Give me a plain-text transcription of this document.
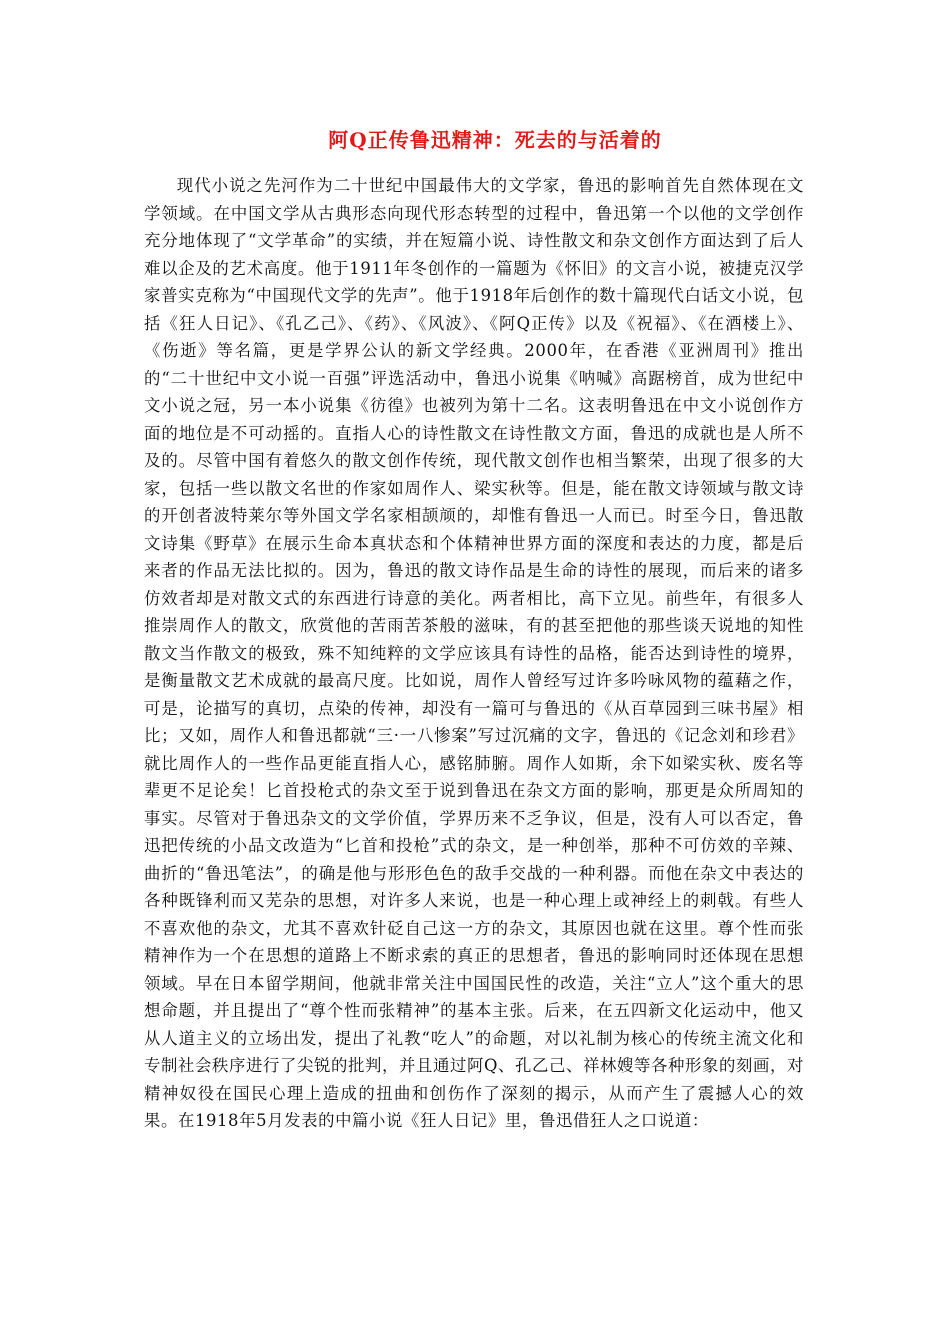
阿Q正传鲁迅精神：死去的与活着的

现代小说之先河作为二十世纪中国最伟大的文学家，鲁迅的影响首先自然体现在文学领域。在中国文学从古典形态向现代形态转型的过程中，鲁迅第一个以他的文学创作充分地体现了“文学革命”的实绩，并在短篇小说、诗性散文和杂文创作方面达到了后人难以企及的艺术高度。他于1911年冬创作的一篇题为《怀旧》的文言小说，被捷克汉学家普实克称为“中国现代文学的先声”。他于1918年后创作的数十篇现代白话文小说，包括《狂人日记》、《孔乙己》、《药》、《风波》、《阿Q正传》以及《祝福》、《在酒楼上》、《伤逝》等名篇，更是学界公认的新文学经典。2000年，在香港《亚洲周刊》推出的“二十世纪中文小说一百强”评选活动中，鲁迅小说集《呐喊》高踞榜首，成为世纪中文小说之冠，另一本小说集《彷徨》也被列为第十二名。这表明鲁迅在中文小说创作方面的地位是不可动摇的。直指人心的诗性散文在诗性散文方面，鲁迅的成就也是人所不及的。尽管中国有着悠久的散文创作传统，现代散文创作也相当繁荣，出现了很多的大家，包括一些以散文名世的作家如周作人、梁实秋等。但是，能在散文诗领域与散文诗的开创者波特莱尔等外国文学名家相颉颃的，却惟有鲁迅一人而已。时至今日，鲁迅散文诗集《野草》在展示生命本真状态和个体精神世界方面的深度和表达的力度，都是后来者的作品无法比拟的。因为，鲁迅的散文诗作品是生命的诗性的展现，而后来的诸多仿效者却是对散文式的东西进行诗意的美化。两者相比，高下立见。前些年，有很多人推崇周作人的散文，欣赏他的苦雨苦茶般的滋味，有的甚至把他的那些谈天说地的知性散文当作散文的极致，殊不知纯粹的文学应该具有诗性的品格，能否达到诗性的境界，是衡量散文艺术成就的最高尺度。比如说，周作人曾经写过许多吟咏风物的蕴藉之作，可是，论描写的真切，点染的传神，却没有一篇可与鲁迅的《从百草园到三味书屋》相比；又如，周作人和鲁迅都就“三·一八惨案”写过沉痛的文字，鲁迅的《记念刘和珍君》就比周作人的一些作品更能直指人心，感铭肺腑。周作人如斯，余下如梁实秋、废名等辈更不足论矣！匕首投枪式的杂文至于说到鲁迅在杂文方面的影响，那更是众所周知的事实。尽管对于鲁迅杂文的文学价值，学界历来不乏争议，但是，没有人可以否定，鲁迅把传统的小品文改造为“匕首和投枪”式的杂文，是一种创举，那种不可仿效的辛辣、曲折的“鲁迅笔法”，的确是他与形形色色的敌手交战的一种利器。而他在杂文中表达的各种既锋利而又芜杂的思想，对许多人来说，也是一种心理上或神经上的刺戟。有些人不喜欢他的杂文，尤其不喜欢针砭自己这一方的杂文，其原因也就在这里。尊个性而张精神作为一个在思想的道路上不断求索的真正的思想者，鲁迅的影响同时还体现在思想领域。早在日本留学期间，他就非常关注中国国民性的改造，关注“立人”这个重大的思想命题，并且提出了“尊个性而张精神”的基本主张。后来，在五四新文化运动中，他又从人道主义的立场出发，提出了礼教“吃人”的命题，对以礼制为核心的传统主流文化和专制社会秩序进行了尖锐的批判，并且通过阿Q、孔乙己、祥林嫂等各种形象的刻画，对精神奴役在国民心理上造成的扭曲和创伤作了深刻的揭示，从而产生了震撼人心的效果。在1918年5月发表的中篇小说《狂人日记》里，鲁迅借狂人之口说道：
